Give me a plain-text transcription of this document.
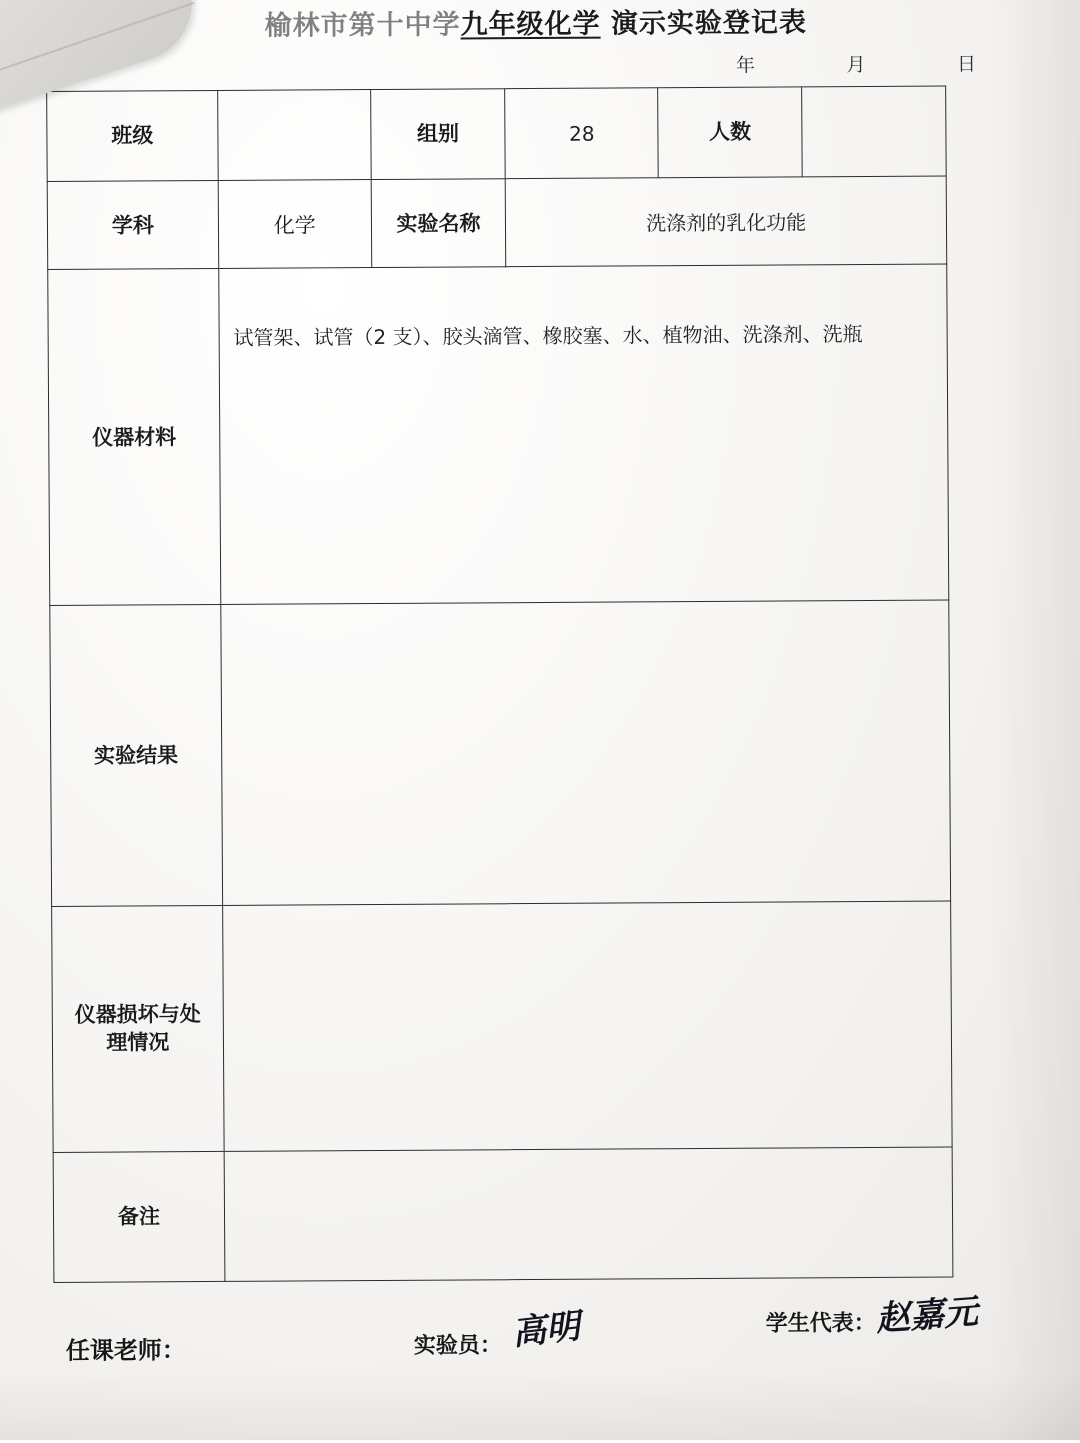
榆林市第十中学九年级化学 演示实验登记表
年	月	日
班级		组别	28	人数	
学科	化学	实验名称	洗涤剂的乳化功能		
仪器材料	试管架、试管（2 支）、胶头滴管、橡胶塞、水、植物油、洗涤剂、洗瓶				

实验结果					

仪器损坏与处理情况					

备注					
任课老师：	实验员： 高明	学生代表：
赵嘉元
